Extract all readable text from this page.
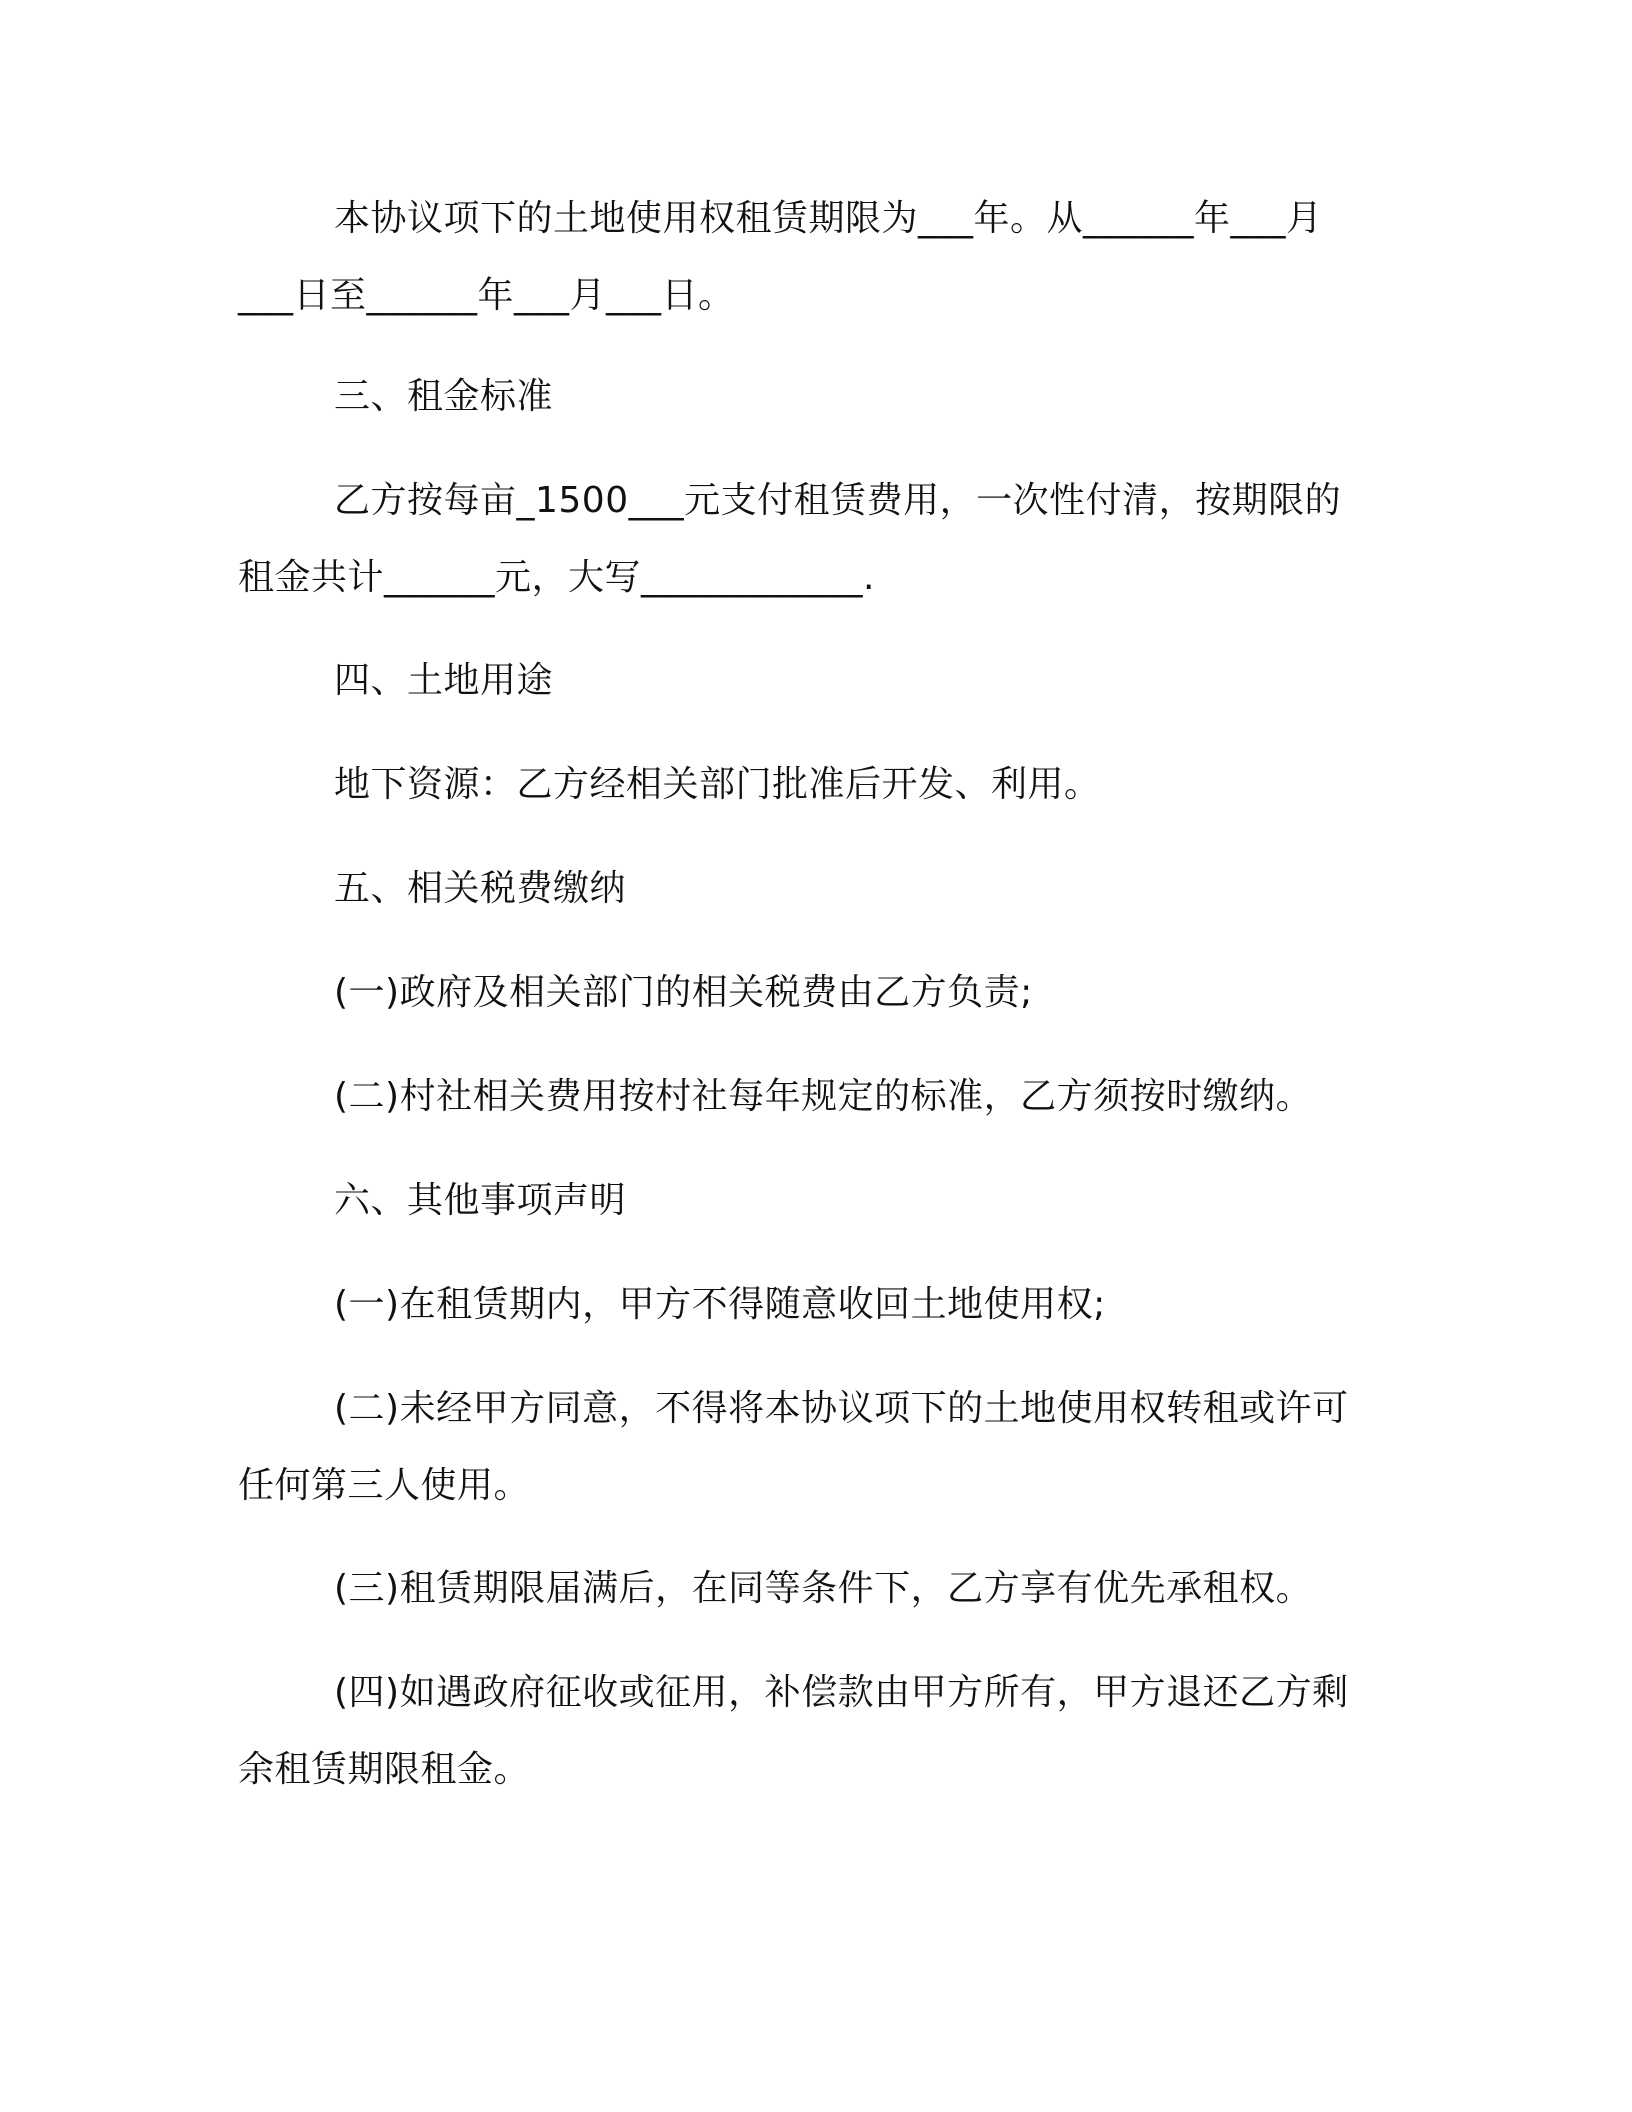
本协议项下的土地使用权租赁期限为___年。从______年___月___日至______年___月___日。

三、租金标准

乙方按每亩_1500___元支付租赁费用，一次性付清，按期限的租金共计______元，大写____________.

四、土地用途

地下资源：乙方经相关部门批准后开发、利用。

五、相关税费缴纳

(一)政府及相关部门的相关税费由乙方负责;

(二)村社相关费用按村社每年规定的标准，乙方须按时缴纳。

六、其他事项声明

(一)在租赁期内，甲方不得随意收回土地使用权;

(二)未经甲方同意，不得将本协议项下的土地使用权转租或许可任何第三人使用。

(三)租赁期限届满后，在同等条件下，乙方享有优先承租权。

(四)如遇政府征收或征用，补偿款由甲方所有，甲方退还乙方剩余租赁期限租金。
